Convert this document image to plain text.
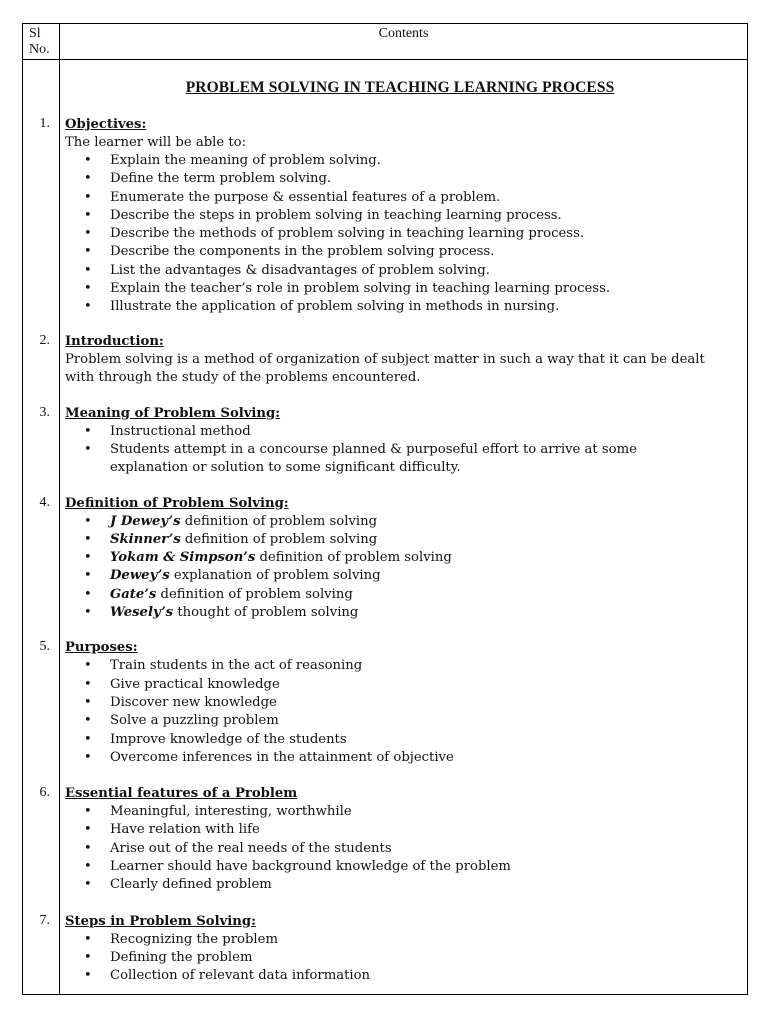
Sl No.	Contents

PROBLEM SOLVING IN TEACHING LEARNING PROCESS
1.	Objectives:
The learner will be able to:
• Explain the meaning of problem solving.
• Define the term problem solving.
• Enumerate the purpose & essential features of a problem.
• Describe the steps in problem solving in teaching learning process.
• Describe the methods of problem solving in teaching learning process.
• Describe the components in the problem solving process.
• List the advantages & disadvantages of problem solving.
• Explain the teacher’s role in problem solving in teaching learning process.
• Illustrate the application of problem solving in methods in nursing.
2.	Introduction:
Problem solving is a method of organization of subject matter in such a way that it can be dealt with through the study of the problems encountered.
3.	Meaning of Problem Solving:
• Instructional method
• Students attempt in a concourse planned & purposeful effort to arrive at some explanation or solution to some significant difficulty.
4.	Definition of Problem Solving:
• J Dewey’s definition of problem solving
• Skinner’s definition of problem solving
• Yokam & Simpson’s definition of problem solving
• Dewey’s explanation of problem solving
• Gate’s definition of problem solving
• Wesely’s thought of problem solving
5.	Purposes:
• Train students in the act of reasoning
• Give practical knowledge
• Discover new knowledge
• Solve a puzzling problem
• Improve knowledge of the students
• Overcome inferences in the attainment of objective
6.	Essential features of a Problem
• Meaningful, interesting, worthwhile
• Have relation with life
• Arise out of the real needs of the students
• Learner should have background knowledge of the problem
• Clearly defined problem
7.	Steps in Problem Solving:
• Recognizing the problem
• Defining the problem
• Collection of relevant data information
